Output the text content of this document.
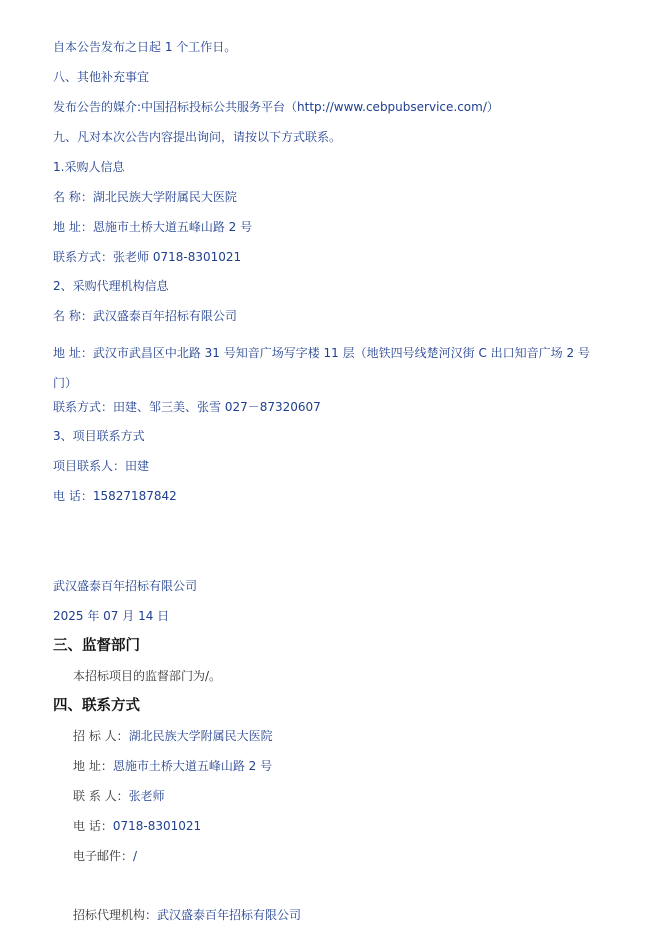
自本公告发布之日起 1 个工作日。
八、其他补充事宜
发布公告的媒介:中国招标投标公共服务平台（http://www.cebpubservice.com/）
九、凡对本次公告内容提出询问，请按以下方式联系。
1.采购人信息
名 称：湖北民族大学附属民大医院
地 址：恩施市土桥大道五峰山路 2 号
联系方式：张老师 0718-8301021
2、采购代理机构信息
名 称：武汉盛泰百年招标有限公司
地 址：武汉市武昌区中北路 31 号知音广场写字楼 11 层（地铁四号线楚河汉街 C 出口知音广场 2 号门）
联系方式：田建、邹三美、张雪 027－87320607
3、项目联系方式
项目联系人：田建
电 话：15827187842
武汉盛泰百年招标有限公司
2025 年 07 月 14 日
三、监督部门
本招标项目的监督部门为/。
四、联系方式
招 标 人：湖北民族大学附属民大医院
地 址：恩施市土桥大道五峰山路 2 号
联 系 人：张老师
电 话：0718-8301021
电子邮件：/
招标代理机构：武汉盛泰百年招标有限公司
